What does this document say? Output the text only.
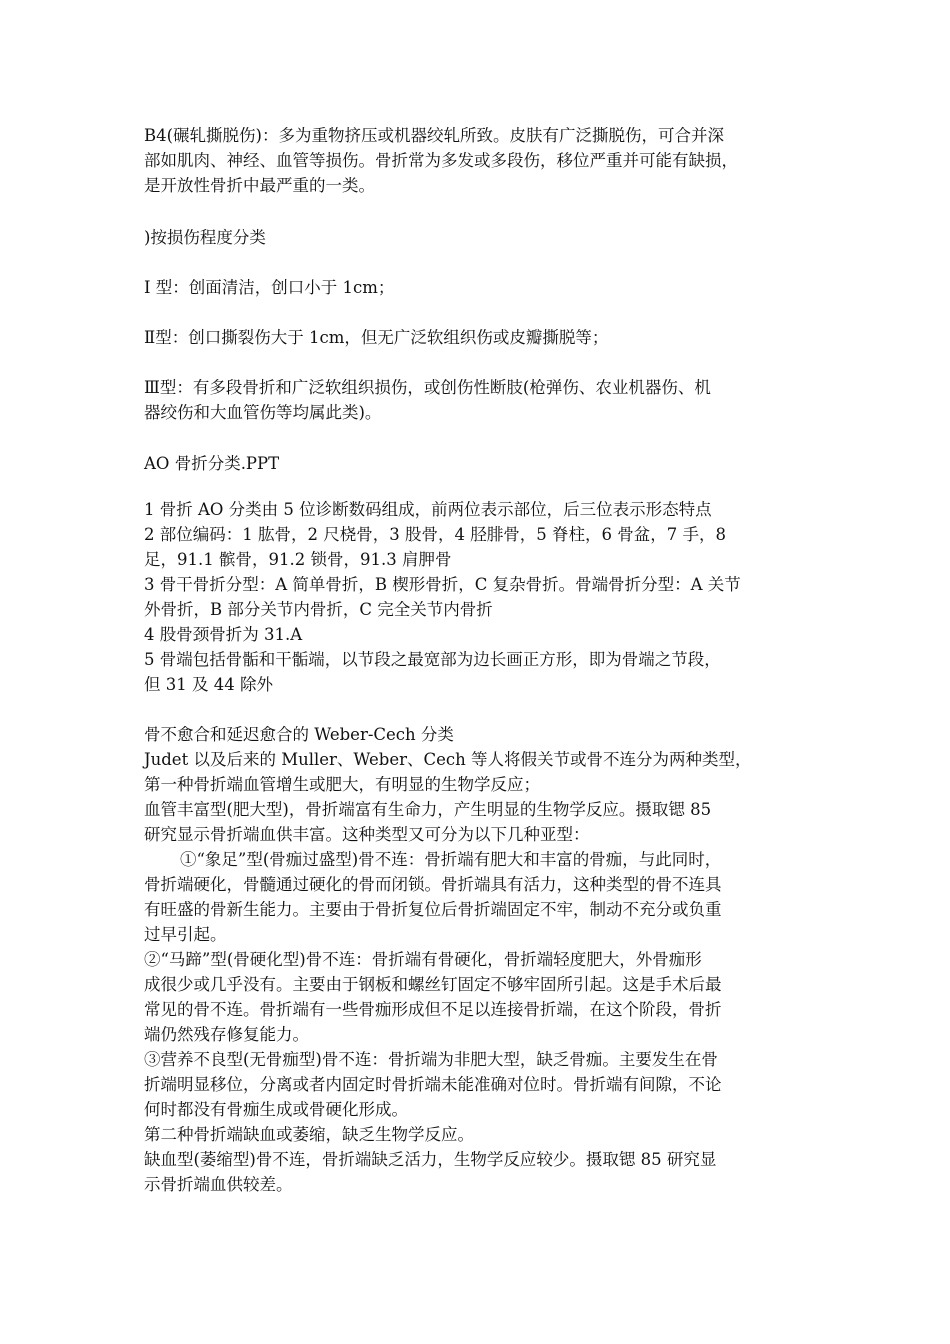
B4(碾轧撕脱伤)：多为重物挤压或机器绞轧所致。皮肤有广泛撕脱伤，可合并深
部如肌肉、神经、血管等损伤。骨折常为多发或多段伤，移位严重并可能有缺损，
是开放性骨折中最严重的一类。
)按损伤程度分类
I 型：创面清洁，创口小于 1cm；
Ⅱ型：创口撕裂伤大于 1cm，但无广泛软组织伤或皮瓣撕脱等；
Ⅲ型：有多段骨折和广泛软组织损伤，或创伤性断肢(枪弹伤、农业机器伤、机
器绞伤和大血管伤等均属此类)。
AO 骨折分类.PPT
1 骨折 AO 分类由 5 位诊断数码组成，前两位表示部位，后三位表示形态特点
2 部位编码：1 肱骨，2 尺桡骨，3 股骨，4 胫腓骨，5 脊柱，6 骨盆，7 手，8
足，91.1 髌骨，91.2 锁骨，91.3 肩胛骨
3 骨干骨折分型：A 简单骨折，B 楔形骨折，C 复杂骨折。骨端骨折分型：A 关节
外骨折，B 部分关节内骨折，C 完全关节内骨折
4 股骨颈骨折为 31.A
5 骨端包括骨骺和干骺端，以节段之最宽部为边长画正方形，即为骨端之节段，
但 31 及 44 除外
骨不愈合和延迟愈合的 Weber-Cech 分类
Judet 以及后来的 Muller、Weber、Cech 等人将假关节或骨不连分为两种类型，
第一种骨折端血管增生或肥大，有明显的生物学反应；
血管丰富型(肥大型)，骨折端富有生命力，产生明显的生物学反应。摄取锶 85
研究显示骨折端血供丰富。这种类型又可分为以下几种亚型：
①“象足”型(骨痂过盛型)骨不连：骨折端有肥大和丰富的骨痂，与此同时，
骨折端硬化，骨髓通过硬化的骨而闭锁。骨折端具有活力，这种类型的骨不连具
有旺盛的骨新生能力。主要由于骨折复位后骨折端固定不牢，制动不充分或负重
过早引起。
②“马蹄”型(骨硬化型)骨不连：骨折端有骨硬化，骨折端轻度肥大，外骨痂形
成很少或几乎没有。主要由于钢板和螺丝钉固定不够牢固所引起。这是手术后最
常见的骨不连。骨折端有一些骨痂形成但不足以连接骨折端，在这个阶段，骨折
端仍然残存修复能力。
③营养不良型(无骨痂型)骨不连：骨折端为非肥大型，缺乏骨痂。主要发生在骨
折端明显移位，分离或者内固定时骨折端未能准确对位时。骨折端有间隙，不论
何时都没有骨痂生成或骨硬化形成。
第二种骨折端缺血或萎缩，缺乏生物学反应。
缺血型(萎缩型)骨不连，骨折端缺乏活力，生物学反应较少。摄取锶 85 研究显
示骨折端血供较差。
